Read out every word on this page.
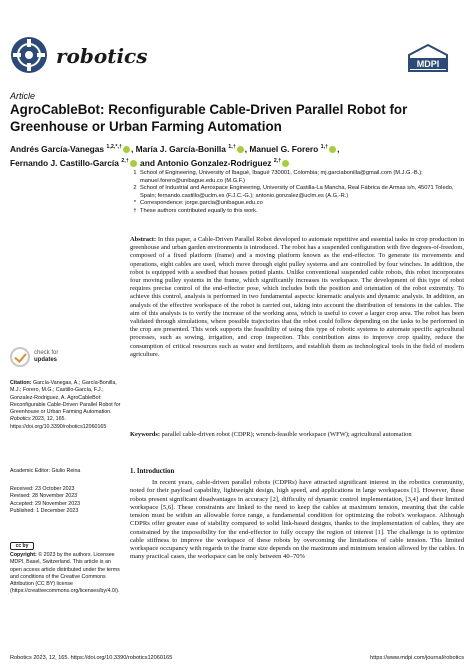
robotics	MDPI
Article
AgroCableBot: Reconfigurable Cable-Driven Parallel Robot for Greenhouse or Urban Farming Automation
Andrés García-Vanegas $^{1,2,*,\dagger}$ , María J. García-Bonilla $^{1,\dagger}$ , Manuel G. Forero $^{1,\dagger}$ ,
Fernando J. Castillo-García $^{2,\dagger}$ and Antonio Gonzalez-Rodriguez $^{2,\dagger}$
1 School of Engineering, University of Ibagué, Ibagué 730001, Colombia; mj.garciabonilla@gmail.com (M.J.G.-B.); manuel.forero@unibague.edu.co (M.G.F.)
2 School of Industrial and Aerospace Engineering, University of Castilla-La Mancha, Real Fábrica de Armas s/n, 45071 Toledo, Spain; fernando.castillo@uclm.es (F.J.C.-G.); antonio.gonzalez@uclm.es (A.G.-R.)
* Correspondence: jorge.garcia@unibague.edu.co
† These authors contributed equally to this work.
Abstract: In this paper, a Cable-Driven Parallel Robot developed to automate repetitive and essential tasks in crop production in greenhouse and urban garden environments is introduced. The robot has a suspended configuration with five degrees-of-freedom, composed of a fixed platform (frame) and a moving platform known as the end-effector. To generate its movements and operations, eight cables are used, which move through eight pulley systems and are controlled by four winches. In addition, the robot is equipped with a seedbed that houses potted plants. Unlike conventional suspended cable robots, this robot incorporates four moving pulley systems in the frame, which significantly increases its workspace. The development of this type of robot requires precise control of the end-effector pose, which includes both the position and orientation of the robot extremity. To achieve this control, analysis is performed in two fundamental aspects: kinematic analysis and dynamic analysis. In addition, an analysis of the effective workspace of the robot is carried out, taking into account the distribution of tensions in the cables. The aim of this analysis is to verify the increase of the working area, which is useful to cover a larger crop area. The robot has been validated through simulations, where possible trajectories that the robot could follow depending on the tasks to be performed in the crop are presented. This work supports the feasibility of using this type of robotic systems to automate specific agricultural processes, such as sowing, irrigation, and crop inspection. This contribution aims to improve crop quality, reduce the consumption of critical resources such as water and fertilizers, and establish them as technological tools in the field of modern agriculture.
Keywords: parallel cable-driven robot (CDPR); wrench-feasible workspace (WFW); agricultural automation
check for
updates
Citation: García-Vanegas, A.; García-Bonilla, M.J.; Forero, M.G.; Castillo-García, F.J.; Gonzalez-Rodriguez, A. AgroCableBot: Reconfigurable Cable-Driven Parallel Robot for Greenhouse or Urban Farming Automation. Robotics 2023, 12, 165. https://doi.org/10.3390/robotics12060165
Academic Editor: Giulio Reina
Received: 23 October 2023
Revised: 28 November 2023
Accepted: 29 November 2023
Published: 1 December 2023
cc by
Copyright: © 2023 by the authors. Licensee MDPI, Basel, Switzerland. This article is an open access article distributed under the terms and conditions of the Creative Commons Attribution (CC BY) license (https://creativecommons.org/licenses/by/4.0/).
1. Introduction
In recent years, cable-driven parallel robots (CDPRs) have attracted significant interest in the robotics community, noted for their payload capability, lightweight design, high speed, and applications in large workspaces [1]. However, these robots present significant disadvantages in accuracy [2], difficulty of dynamic control implementation, [3,4] and their limited workspace [5,6]. These constraints are linked to the need to keep the cables at maximum tension, meaning that the cable tension must be within an allowable force range, a fundamental condition for optimizing the robot's workspace. Although CDPRs offer greater ease of stability compared to solid link-based designs, thanks to the implementation of cables, they are constrained by the impossibility for the end-effector to fully occupy the region of interest [1]. The challenge is to optimize cable stiffness to improve the workspace of these robots by overcoming the limitations of cable tension. This limited workspace occupancy with regards to the frame size depends on the maximum and minimum tension allowed by the cables. In many practical cases, the workspace can be only between 40–70%
Robotics 2023, 12, 165. https://doi.org/10.3390/robotics12060165	https://www.mdpi.com/journal/robotics
